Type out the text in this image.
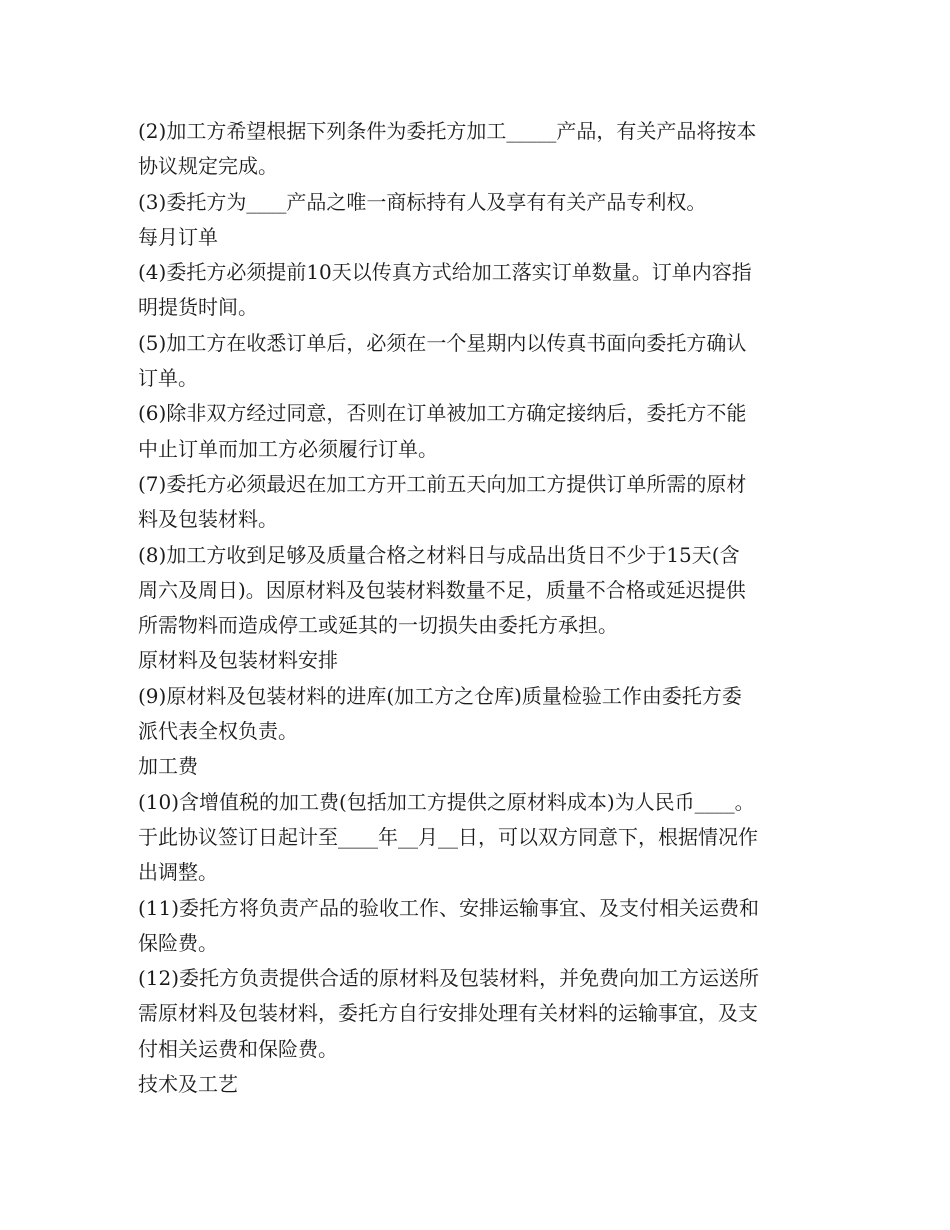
(2)加工方希望根据下列条件为委托方加工_____产品，有关产品将按本

协议规定完成。

(3)委托方为____产品之唯一商标持有人及享有有关产品专利权。

每月订单

(4)委托方必须提前10天以传真方式给加工落实订单数量。订单内容指

明提货时间。

(5)加工方在收悉订单后，必须在一个星期内以传真书面向委托方确认

订单。

(6)除非双方经过同意，否则在订单被加工方确定接纳后，委托方不能

中止订单而加工方必须履行订单。

(7)委托方必须最迟在加工方开工前五天向加工方提供订单所需的原材

料及包装材料。

(8)加工方收到足够及质量合格之材料日与成品出货日不少于15天(含

周六及周日)。因原材料及包装材料数量不足，质量不合格或延迟提供

所需物料而造成停工或延其的一切损失由委托方承担。

原材料及包装材料安排

(9)原材料及包装材料的进库(加工方之仓库)质量检验工作由委托方委

派代表全权负责。

加工费

(10)含增值税的加工费(包括加工方提供之原材料成本)为人民币____。

于此协议签订日起计至____年__月__日，可以双方同意下，根据情况作

出调整。

(11)委托方将负责产品的验收工作、安排运输事宜、及支付相关运费和

保险费。

(12)委托方负责提供合适的原材料及包装材料，并免费向加工方运送所

需原材料及包装材料，委托方自行安排处理有关材料的运输事宜，及支

付相关运费和保险费。

技术及工艺
